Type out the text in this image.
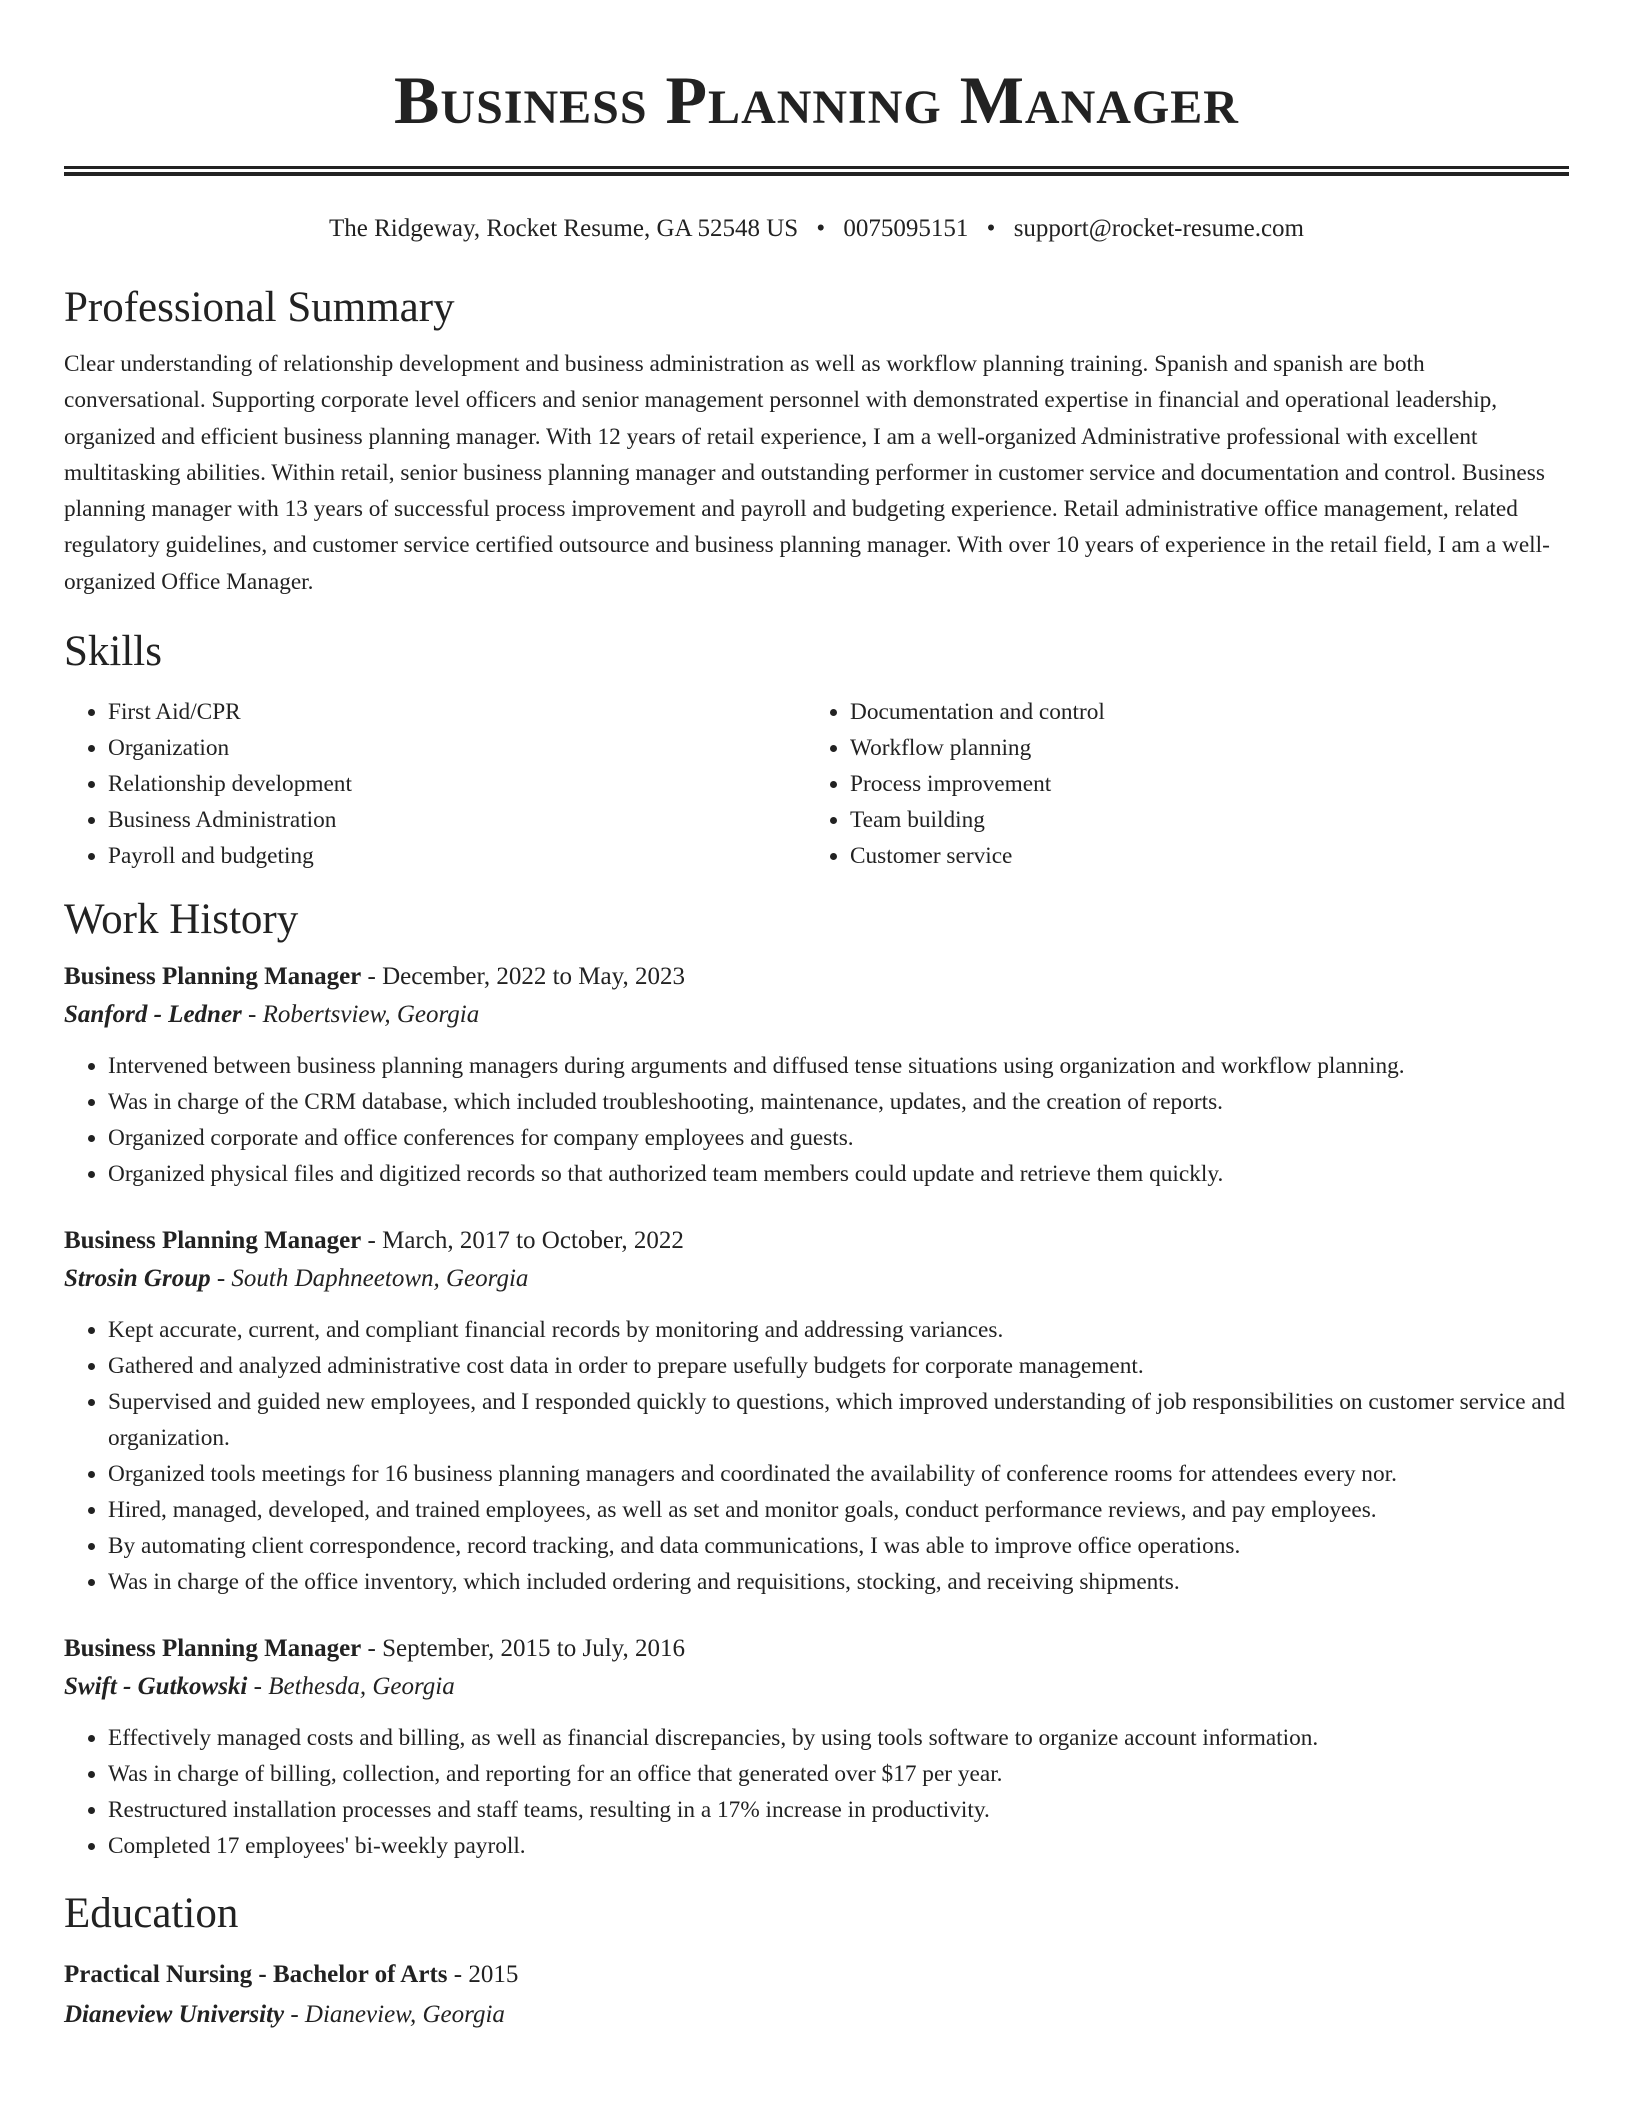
Business Planning Manager
The Ridgeway, Rocket Resume, GA 52548 US • 0075095151 • support@rocket-resume.com
Professional Summary

Clear understanding of relationship development and business administration as well as workflow planning training. Spanish and spanish are both conversational. Supporting corporate level officers and senior management personnel with demonstrated expertise in financial and operational leadership, organized and efficient business planning manager. With 12 years of retail experience, I am a well-organized Administrative professional with excellent multitasking abilities. Within retail, senior business planning manager and outstanding performer in customer service and documentation and control. Business planning manager with 13 years of successful process improvement and payroll and budgeting experience. Retail administrative office management, related regulatory guidelines, and customer service certified outsource and business planning manager. With over 10 years of experience in the retail field, I am a well-organized Office Manager.

Skills
• First Aid/CPR
• Organization
• Relationship development
• Business Administration
• Payroll and budgeting
• Documentation and control
• Workflow planning
• Process improvement
• Team building
• Customer service
Work History
Business Planning Manager - December, 2022 to May, 2023
Sanford - Ledner - Robertsview, Georgia
• Intervened between business planning managers during arguments and diffused tense situations using organization and workflow planning.
• Was in charge of the CRM database, which included troubleshooting, maintenance, updates, and the creation of reports.
• Organized corporate and office conferences for company employees and guests.
• Organized physical files and digitized records so that authorized team members could update and retrieve them quickly.
Business Planning Manager - March, 2017 to October, 2022
Strosin Group - South Daphneetown, Georgia
• Kept accurate, current, and compliant financial records by monitoring and addressing variances.
• Gathered and analyzed administrative cost data in order to prepare usefully budgets for corporate management.
• Supervised and guided new employees, and I responded quickly to questions, which improved understanding of job responsibilities on customer service and organization.
• Organized tools meetings for 16 business planning managers and coordinated the availability of conference rooms for attendees every nor.
• Hired, managed, developed, and trained employees, as well as set and monitor goals, conduct performance reviews, and pay employees.
• By automating client correspondence, record tracking, and data communications, I was able to improve office operations.
• Was in charge of the office inventory, which included ordering and requisitions, stocking, and receiving shipments.
Business Planning Manager - September, 2015 to July, 2016
Swift - Gutkowski - Bethesda, Georgia
• Effectively managed costs and billing, as well as financial discrepancies, by using tools software to organize account information.
• Was in charge of billing, collection, and reporting for an office that generated over $17 per year.
• Restructured installation processes and staff teams, resulting in a 17% increase in productivity.
• Completed 17 employees' bi-weekly payroll.
Education
Practical Nursing - Bachelor of Arts - 2015
Dianeview University - Dianeview, Georgia
